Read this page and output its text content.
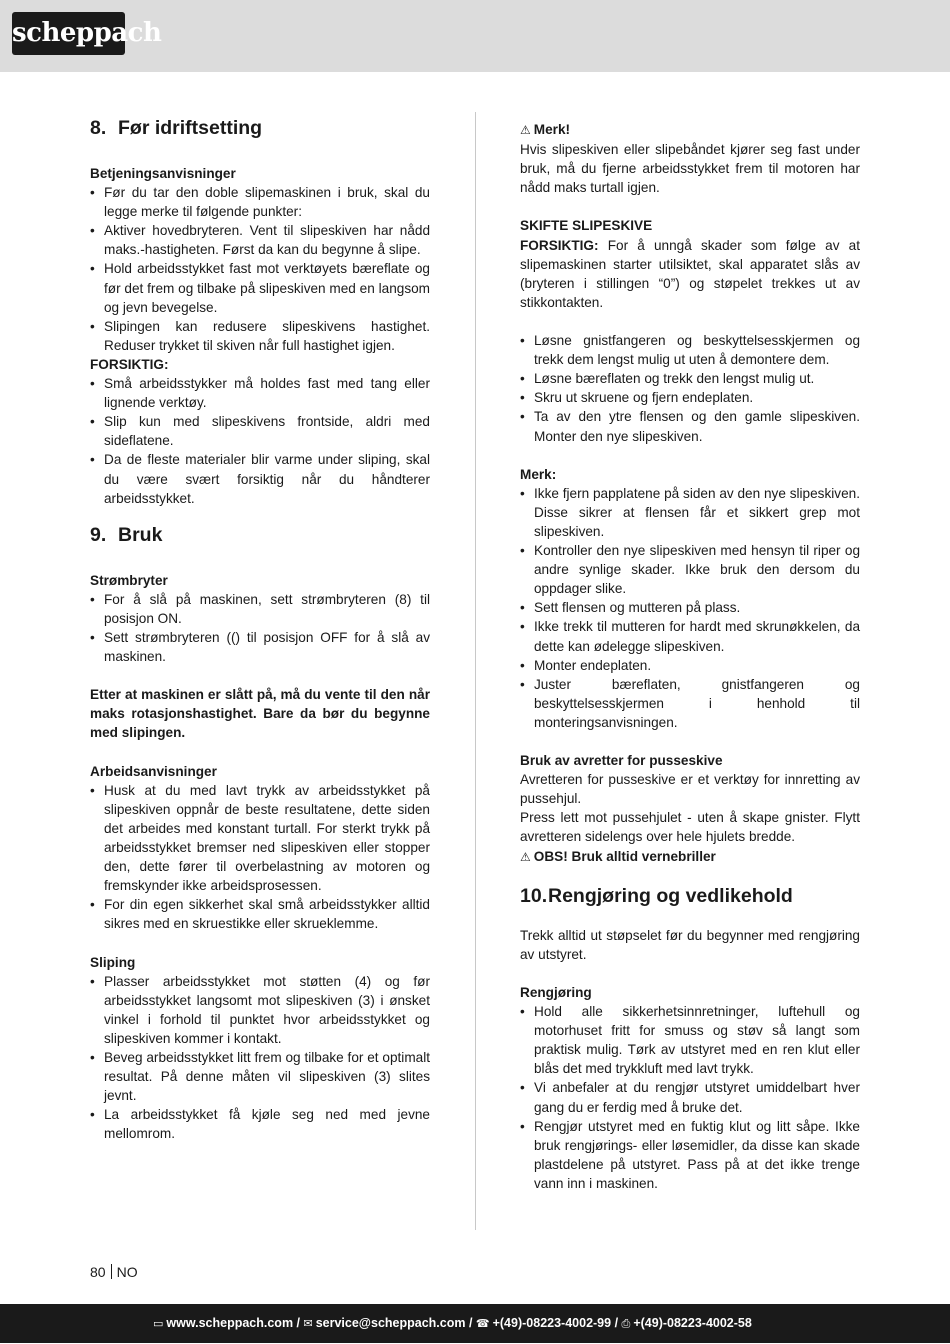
scheppach
8. Før idriftsetting
Betjeningsanvisninger
• Før du tar den doble slipemaskinen i bruk, skal du legge merke til følgende punkter:
• Aktiver hovedbryteren. Vent til slipeskiven har nådd maks.-hastigheten. Først da kan du begynne å slipe.
• Hold arbeidsstykket fast mot verktøyets bæreflate og før det frem og tilbake på slipeskiven med en langsom og jevn bevegelse.
• Slipingen kan redusere slipeskivens hastighet. Reduser trykket til skiven når full hastighet igjen.
FORSIKTIG:
• Små arbeidsstykker må holdes fast med tang eller lignende verktøy.
• Slip kun med slipeskivens frontside, aldri med sideflatene.
• Da de fleste materialer blir varme under sliping, skal du være svært forsiktig når du håndterer arbeidsstykket.
9. Bruk
Strømbryter
• For å slå på maskinen, sett strømbryteren (8) til posisjon ON.
• Sett strømbryteren (() til posisjon OFF for å slå av maskinen.

Etter at maskinen er slått på, må du vente til den når maks rotasjonshastighet. Bare da bør du begynne med slipingen.

Arbeidsanvisninger
• Husk at du med lavt trykk av arbeidsstykket på slipeskiven oppnår de beste resultatene, dette siden det arbeides med konstant turtall. For sterkt trykk på arbeidsstykket bremser ned slipeskiven eller stopper den, dette fører til overbelastning av motoren og fremskynder ikke arbeidsprosessen.
• For din egen sikkerhet skal små arbeidsstykker alltid sikres med en skruestikke eller skrueklemme.
Sliping
• Plasser arbeidsstykket mot støtten (4) og før arbeidsstykket langsomt mot slipeskiven (3) i ønsket vinkel i forhold til punktet hvor arbeidsstykket og slipeskiven kommer i kontakt.
• Beveg arbeidsstykket litt frem og tilbake for et optimalt resultat. På denne måten vil slipeskiven (3) slites jevnt.
• La arbeidsstykket få kjøle seg ned med jevne mellomrom.
⚠ Merk!

Hvis slipeskiven eller slipebåndet kjører seg fast under bruk, må du fjerne arbeidsstykket frem til motoren har nådd maks turtall igjen.

SKIFTE SLIPESKIVE

FORSIKTIG: For å unngå skader som følge av at slipemaskinen starter utilsiktet, skal apparatet slås av (bryteren i stillingen “0”) og støpelet trekkes ut av stikkontakten.

• Løsne gnistfangeren og beskyttelsesskjermen og trekk dem lengst mulig ut uten å demontere dem.
• Løsne bæreflaten og trekk den lengst mulig ut.
• Skru ut skruene og fjern endeplaten.
• Ta av den ytre flensen og den gamle slipeskiven. Monter den nye slipeskiven.
Merk:
• Ikke fjern papplatene på siden av den nye slipeskiven. Disse sikrer at flensen får et sikkert grep mot slipeskiven.
• Kontroller den nye slipeskiven med hensyn til riper og andre synlige skader. Ikke bruk den dersom du oppdager slike.
• Sett flensen og mutteren på plass.
• Ikke trekk til mutteren for hardt med skrunøkkelen, da dette kan ødelegge slipeskiven.
• Monter endeplaten.
• Juster bæreflaten, gnistfangeren og beskyttelsesskjermen i henhold til monteringsanvisningen.
Bruk av avretter for pusseskive

Avretteren for pusseskive er et verktøy for innretting av pussehjul.

Press lett mot pussehjulet - uten å skape gnister. Flytt avretteren sidelengs over hele hjulets bredde.

⚠ OBS! Bruk alltid vernebriller

10. Rengjøring og vedlikehold

Trekk alltid ut støpselet før du begynner med rengjøring av utstyret.

Rengjøring
• Hold alle sikkerhetsinnretninger, luftehull og motorhuset fritt for smuss og støv så langt som praktisk mulig. Tørk av utstyret med en ren klut eller blås det med trykkluft med lavt trykk.
• Vi anbefaler at du rengjør utstyret umiddelbart hver gang du er ferdig med å bruke det.
• Rengjør utstyret med en fuktig klut og litt såpe. Ikke bruk rengjørings- eller løsemidler, da disse kan skade plastdelene på utstyret. Pass på at det ikke trenge vann inn i maskinen.
80 NO
▭ www.scheppach.com / ✉ service@scheppach.com / ☎ +(49)-08223-4002-99 / ⎙ +(49)-08223-4002-58
